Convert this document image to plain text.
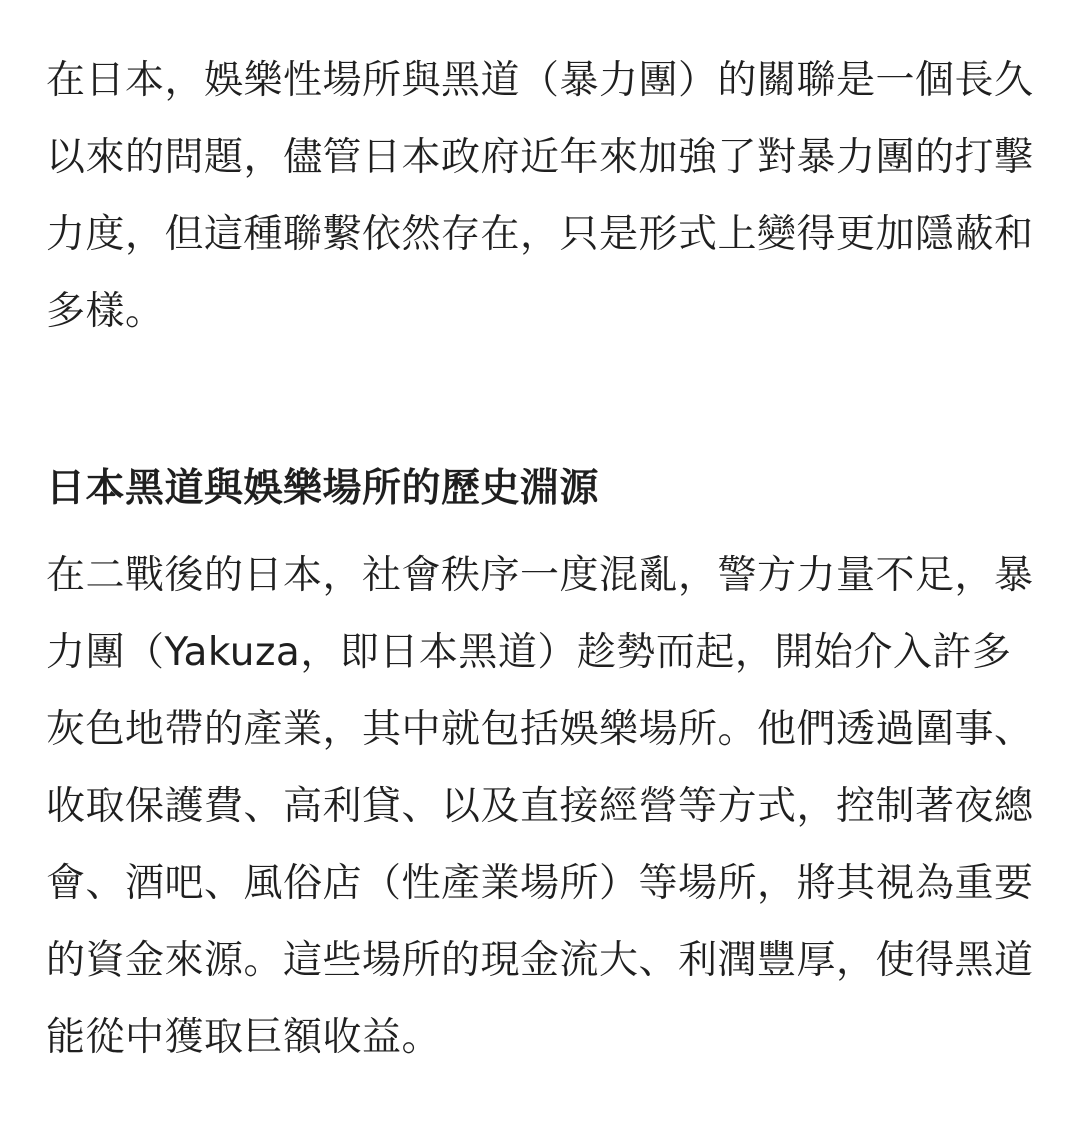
在日本，娛樂性場所與黑道（暴力團）的關聯是一個長久以來的問題，儘管日本政府近年來加強了對暴力團的打擊力度，但這種聯繫依然存在，只是形式上變得更加隱蔽和多樣。

日本黑道與娛樂場所的歷史淵源

在二戰後的日本，社會秩序一度混亂，警方力量不足，暴力團（Yakuza，即日本黑道）趁勢而起，開始介入許多灰色地帶的產業，其中就包括娛樂場所。他們透過圍事、收取保護費、高利貸、以及直接經營等方式，控制著夜總會、酒吧、風俗店（性產業場所）等場所，將其視為重要的資金來源。這些場所的現金流大、利潤豐厚，使得黑道能從中獲取巨額收益。
